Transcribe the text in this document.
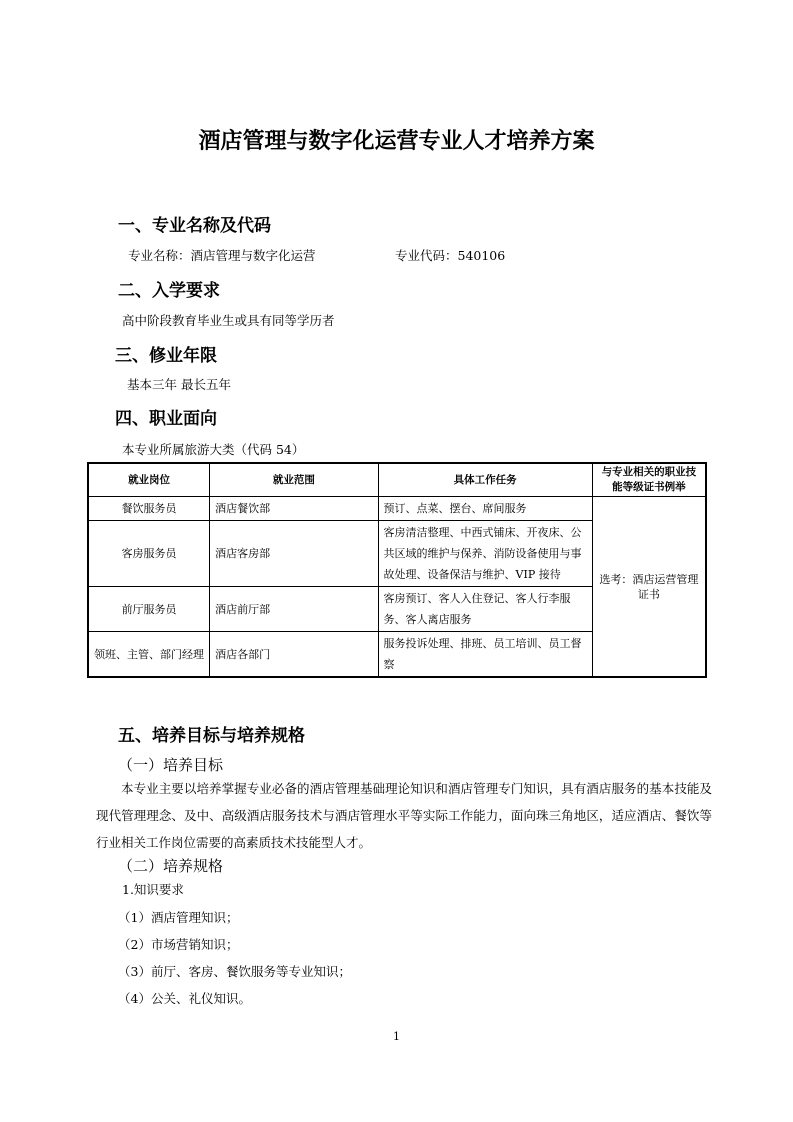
酒店管理与数字化运营专业人才培养方案
一、专业名称及代码
专业名称：酒店管理与数字化运营	专业代码：540106
二、入学要求
高中阶段教育毕业生或具有同等学历者
三、修业年限
基本三年 最长五年
四、职业面向
本专业所属旅游大类（代码 54）
就业岗位	就业范围	具体工作任务	与专业相关的职业技能等级证书例举
餐饮服务员	酒店餐饮部	预订、点菜、摆台、席间服务	选考：酒店运营管理证书
客房服务员	酒店客房部	客房清洁整理、中西式铺床、开夜床、公共区域的维护与保养、消防设备使用与事故处理、设备保洁与维护、VIP 接待	
前厅服务员	酒店前厅部	客房预订、客人入住登记、客人行李服务、客人离店服务	
领班、主管、部门经理	酒店各部门	服务投诉处理、排班、员工培训、员工督察	
五、培养目标与培养规格
（一）培养目标
本专业主要以培养掌握专业必备的酒店管理基础理论知识和酒店管理专门知识，具有酒店服务的基本技能及现代管理理念、及中、高级酒店服务技术与酒店管理水平等实际工作能力，面向珠三角地区，适应酒店、餐饮等行业相关工作岗位需要的高素质技术技能型人才。
（二）培养规格
1.知识要求
（1）酒店管理知识；
（2）市场营销知识；
（3）前厅、客房、餐饮服务等专业知识；
（4）公关、礼仪知识。
1
